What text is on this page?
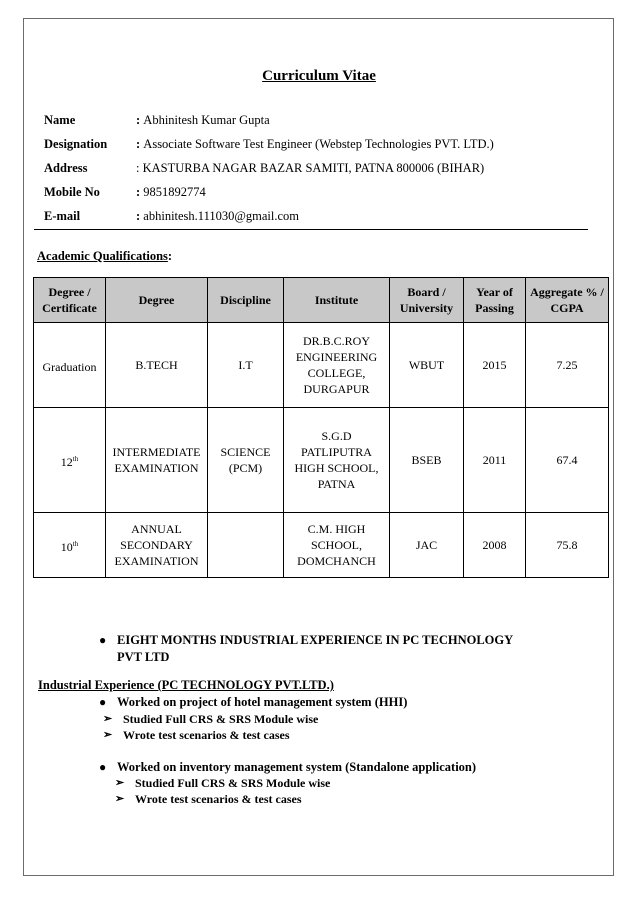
Curriculum Vitae
Name	: Abhinitesh Kumar Gupta
Designation	: Associate Software Test Engineer (Webstep Technologies PVT. LTD.)
Address	: KASTURBA NAGAR BAZAR SAMITI, PATNA 800006 (BIHAR)
Mobile No	: 9851892774
E-mail	: abhinitesh.111030@gmail.com
Academic Qualifications:
Degree / Certificate	Degree	Discipline	Institute	Board / University	Year of Passing	Aggregate % / CGPA
Graduation	B.TECH	I.T	DR.B.C.ROY ENGINEERING COLLEGE, DURGAPUR	WBUT	2015	7.25
12th	INTERMEDIATE EXAMINATION	SCIENCE (PCM)	S.G.D PATLIPUTRA HIGH SCHOOL, PATNA	BSEB	2011	67.4
10th	ANNUAL SECONDARY EXAMINATION		C.M. HIGH SCHOOL, DOMCHANCH	JAC	2008	75.8
● EIGHT MONTHS INDUSTRIAL EXPERIENCE IN PC TECHNOLOGY
PVT LTD
Industrial Experience (PC TECHNOLOGY PVT.LTD.)
● Worked on project of hotel management system (HHI)
➢ Studied Full CRS & SRS Module wise
➢ Wrote test scenarios & test cases
● Worked on inventory management system (Standalone application)
➢ Studied Full CRS & SRS Module wise
➢ Wrote test scenarios & test cases
